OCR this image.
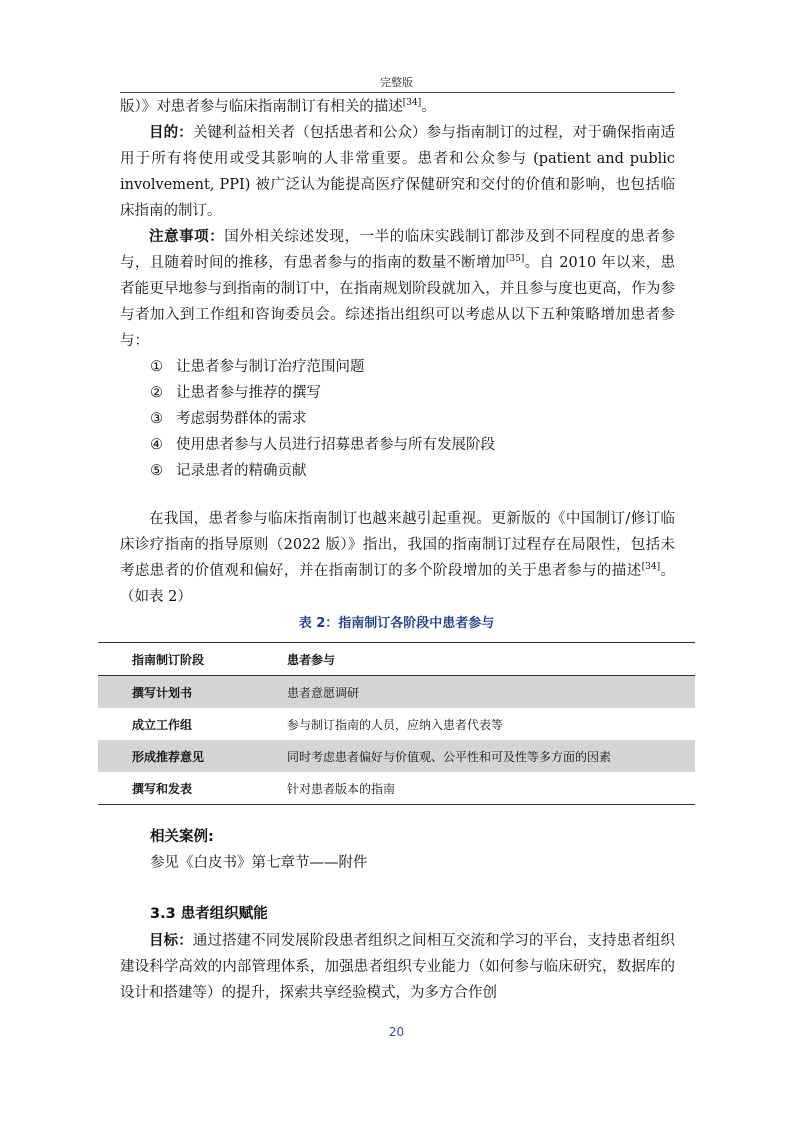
完整版

版）》对患者参与临床指南制订有相关的描述[34]。

目的：关键利益相关者（包括患者和公众）参与指南制订的过程，对于确保指南适用于所有将使用或受其影响的人非常重要。患者和公众参与 (patient and public involvement, PPI) 被广泛认为能提高医疗保健研究和交付的价值和影响，也包括临床指南的制订。

注意事项：国外相关综述发现，一半的临床实践制订都涉及到不同程度的患者参与，且随着时间的推移，有患者参与的指南的数量不断增加[35]。自 2010 年以来，患者能更早地参与到指南的制订中，在指南规划阶段就加入，并且参与度也更高，作为参与者加入到工作组和咨询委员会。综述指出组织可以考虑从以下五种策略增加患者参与：

① 让患者参与制订治疗范围问题
② 让患者参与推荐的撰写
③ 考虑弱势群体的需求
④ 使用患者参与人员进行招募患者参与所有发展阶段
⑤ 记录患者的精确贡献

在我国，患者参与临床指南制订也越来越引起重视。更新版的《中国制订/修订临床诊疗指南的指导原则（2022 版）》指出，我国的指南制订过程存在局限性，包括未考虑患者的价值观和偏好，并在指南制订的多个阶段增加的关于患者参与的描述[34]。（如表 2）

表 2：指南制订各阶段中患者参与
指南制订阶段	患者参与
撰写计划书	患者意愿调研
成立工作组	参与制订指南的人员，应纳入患者代表等
形成推荐意见	同时考虑患者偏好与价值观、公平性和可及性等多方面的因素
撰写和发表	针对患者版本的指南
相关案例:
参见《白皮书》第七章节——附件
3.3 患者组织赋能

目标：通过搭建不同发展阶段患者组织之间相互交流和学习的平台，支持患者组织建设科学高效的内部管理体系，加强患者组织专业能力（如何参与临床研究，数据库的设计和搭建等）的提升，探索共享经验模式，为多方合作创

20
